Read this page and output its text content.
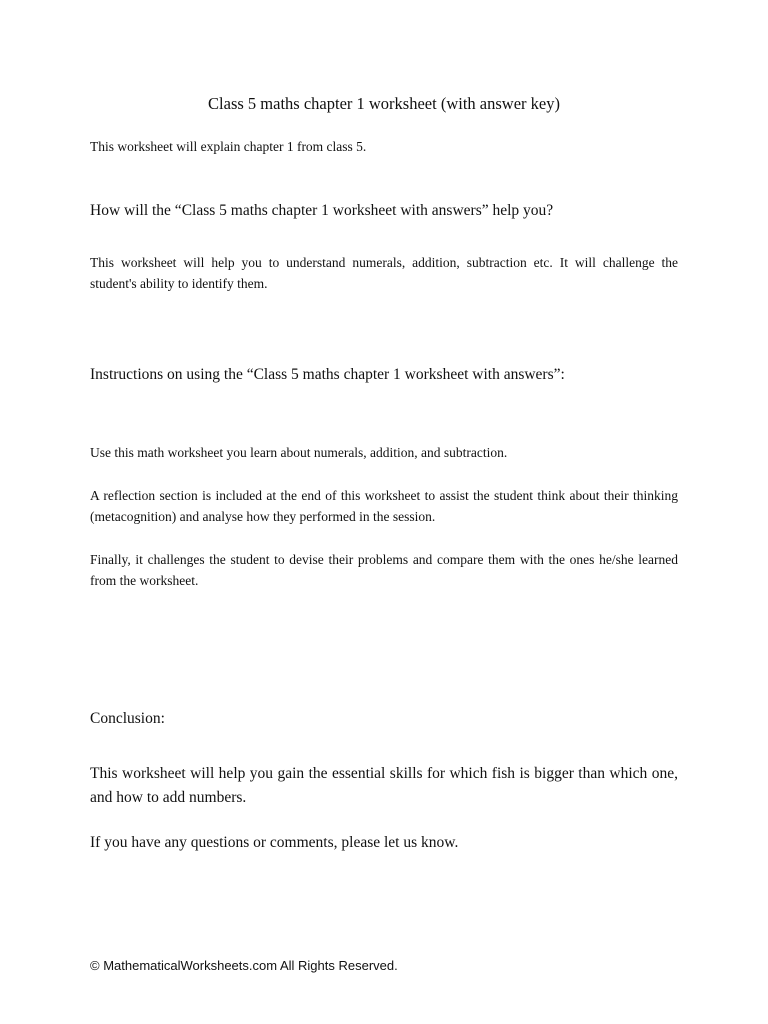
Class 5 maths chapter 1 worksheet (with answer key)

This worksheet will explain chapter 1 from class 5.

How will the “Class 5 maths chapter 1 worksheet with answers” help you?

This worksheet will help you to understand numerals, addition, subtraction etc. It will challenge the student's ability to identify them.

Instructions on using the “Class 5 maths chapter 1 worksheet with answers”:

Use this math worksheet you learn about numerals, addition, and subtraction.

A reflection section is included at the end of this worksheet to assist the student think about their thinking (metacognition) and analyse how they performed in the session.

Finally, it challenges the student to devise their problems and compare them with the ones he/she learned from the worksheet.

Conclusion:

This worksheet will help you gain the essential skills for which fish is bigger than which one, and how to add numbers.

If you have any questions or comments, please let us know.

© MathematicalWorksheets.com All Rights Reserved.
